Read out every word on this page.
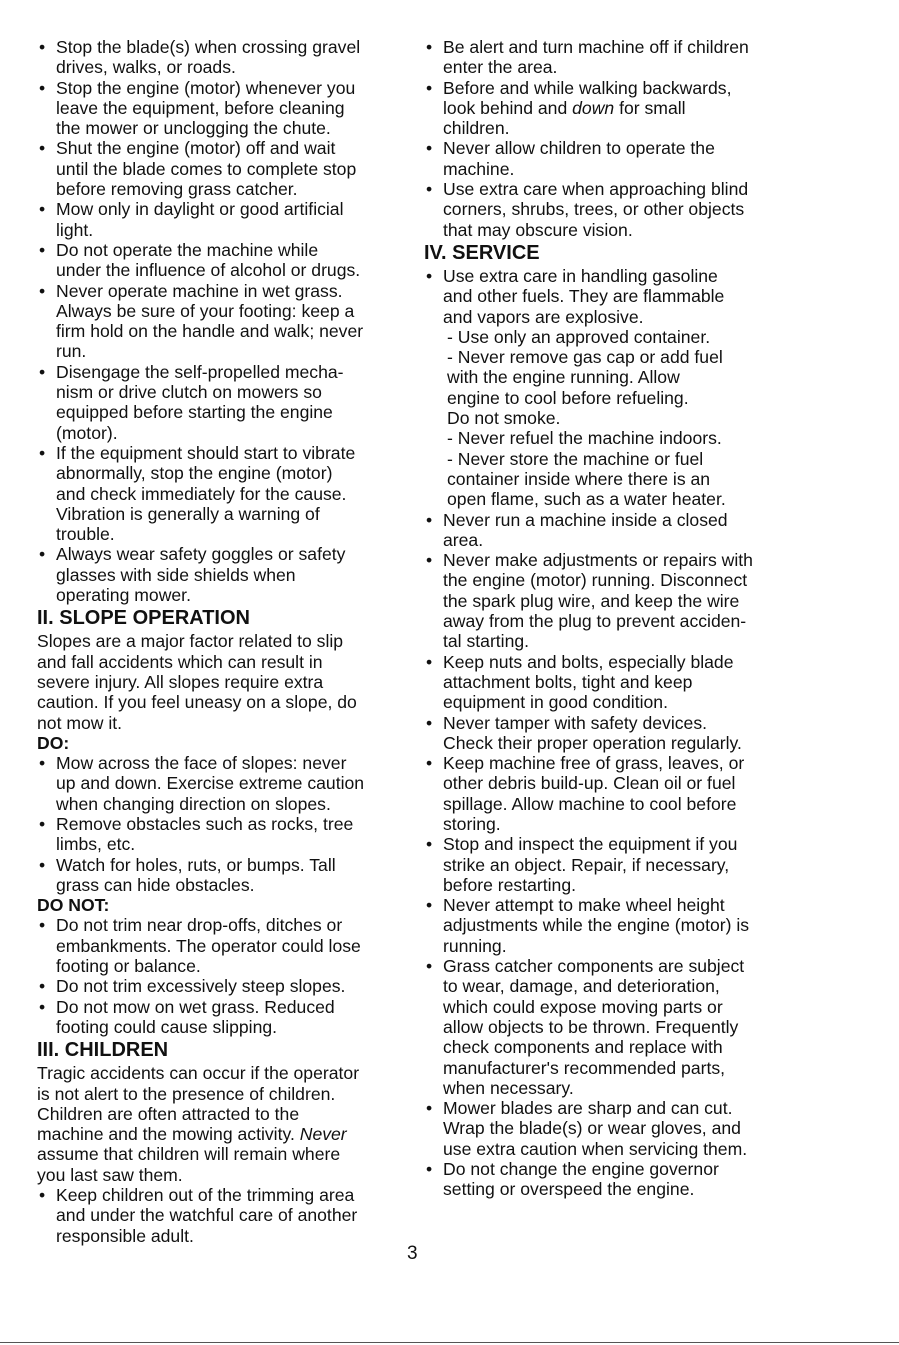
• Stop the blade(s) when crossing gravel
drives, walks, or roads.

• Stop the engine (motor) whenever you
leave the equipment, before cleaning
the mower or unclogging the chute.

• Shut the engine (motor) off and wait
until the blade comes to complete stop
before removing grass catcher.

• Mow only in daylight or good artificial
light.

• Do not operate the machine while
under the influence of alcohol or drugs.

• Never operate machine in wet grass.
Always be sure of your footing: keep a
firm hold on the handle and walk; never
run.

• Disengage the self-propelled mecha-
nism or drive clutch on mowers so
equipped before starting the engine
(motor).

• If the equipment should start to vibrate
abnormally, stop the engine (motor)
and check immediately for the cause.
Vibration is generally a warning of
trouble.

• Always wear safety goggles or safety
glasses with side shields when
operating mower.

II. SLOPE OPERATION

Slopes are a major factor related to slip
and fall accidents which can result in
severe injury. All slopes require extra
caution. If you feel uneasy on a slope, do
not mow it.

DO:

• Mow across the face of slopes: never
up and down. Exercise extreme caution
when changing direction on slopes.

• Remove obstacles such as rocks, tree
limbs, etc.

• Watch for holes, ruts, or bumps. Tall
grass can hide obstacles.

DO NOT:

• Do not trim near drop-offs, ditches or
embankments. The operator could lose
footing or balance.

• Do not trim excessively steep slopes.

• Do not mow on wet grass. Reduced
footing could cause slipping.

III. CHILDREN

Tragic accidents can occur if the operator
is not alert to the presence of children.
Children are often attracted to the
machine and the mowing activity. Never
assume that children will remain where
you last saw them.

• Keep children out of the trimming area
and under the watchful care of another
responsible adult.

• Be alert and turn machine off if children
enter the area.

• Before and while walking backwards,
look behind and down for small
children.

• Never allow children to operate the
machine.

• Use extra care when approaching blind
corners, shrubs, trees, or other objects
that may obscure vision.

IV. SERVICE

• Use extra care in handling gasoline
and other fuels. They are flammable
and vapors are explosive.

- Use only an approved container.

- Never remove gas cap or add fuel
with the engine running. Allow
engine to cool before refueling.
Do not smoke.

- Never refuel the machine indoors.

- Never store the machine or fuel
container inside where there is an
open flame, such as a water heater.

• Never run a machine inside a closed
area.

• Never make adjustments or repairs with
the engine (motor) running. Disconnect
the spark plug wire, and keep the wire
away from the plug to prevent acciden-
tal starting.

• Keep nuts and bolts, especially blade
attachment bolts, tight and keep
equipment in good condition.

• Never tamper with safety devices.
Check their proper operation regularly.

• Keep machine free of grass, leaves, or
other debris build-up. Clean oil or fuel
spillage. Allow machine to cool before
storing.

• Stop and inspect the equipment if you
strike an object. Repair, if necessary,
before restarting.

• Never attempt to make wheel height
adjustments while the engine (motor) is
running.

• Grass catcher components are subject
to wear, damage, and deterioration,
which could expose moving parts or
allow objects to be thrown. Frequently
check components and replace with
manufacturer's recommended parts,
when necessary.

• Mower blades are sharp and can cut.
Wrap the blade(s) or wear gloves, and
use extra caution when servicing them.

• Do not change the engine governor
setting or overspeed the engine.

3
